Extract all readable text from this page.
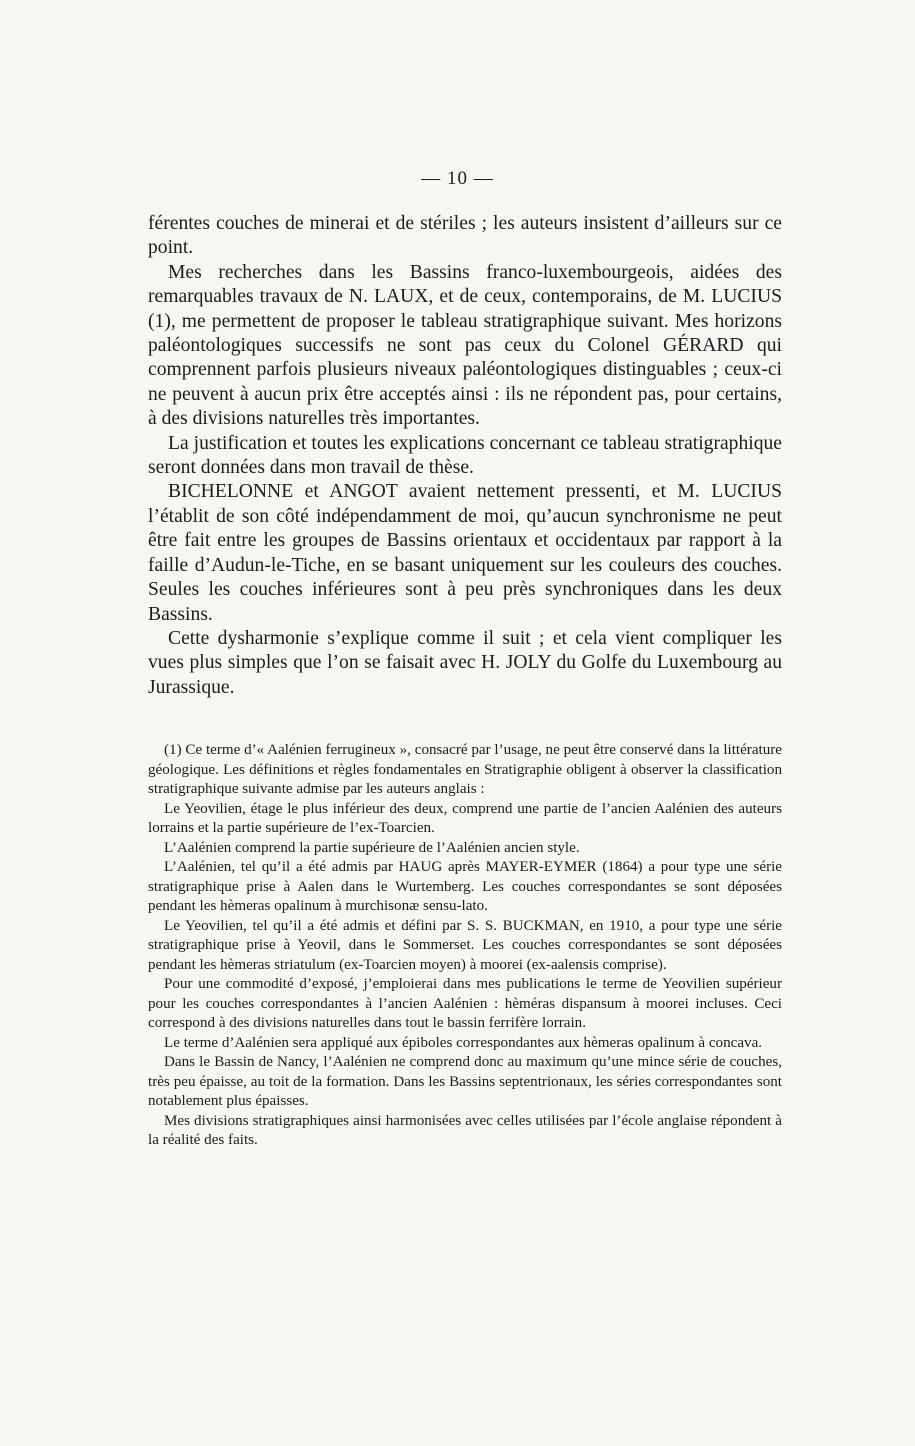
— 10 —

férentes couches de minerai et de stériles ; les auteurs insistent d’ailleurs sur ce point.

Mes recherches dans les Bassins franco-luxembourgeois, aidées des remarquables travaux de N. LAUX, et de ceux, contemporains, de M. LUCIUS (1), me permettent de proposer le tableau stratigraphique suivant. Mes horizons paléontologiques successifs ne sont pas ceux du Colonel GÉRARD qui comprennent parfois plusieurs niveaux paléontologiques distinguables ; ceux-ci ne peuvent à aucun prix être acceptés ainsi : ils ne répondent pas, pour certains, à des divisions naturelles très importantes.

La justification et toutes les explications concernant ce tableau stratigraphique seront données dans mon travail de thèse.

BICHELONNE et ANGOT avaient nettement pressenti, et M. LUCIUS l’établit de son côté indépendamment de moi, qu’aucun synchronisme ne peut être fait entre les groupes de Bassins orientaux et occidentaux par rapport à la faille d’Audun-le-Tiche, en se basant uniquement sur les couleurs des couches. Seules les couches inférieures sont à peu près synchroniques dans les deux Bassins.

Cette dysharmonie s’explique comme il suit ; et cela vient compliquer les vues plus simples que l’on se faisait avec H. JOLY du Golfe du Luxembourg au Jurassique.

(1) Ce terme d’« Aalénien ferrugineux », consacré par l’usage, ne peut être conservé dans la littérature géologique. Les définitions et règles fondamentales en Stratigraphie obligent à observer la classification stratigraphique suivante admise par les auteurs anglais :

Le Yeovilien, étage le plus inférieur des deux, comprend une partie de l’ancien Aalénien des auteurs lorrains et la partie supérieure de l’ex-Toarcien.

L’Aalénien comprend la partie supérieure de l’Aalénien ancien style.

L’Aalénien, tel qu’il a été admis par HAUG après MAYER-EYMER (1864) a pour type une série stratigraphique prise à Aalen dans le Wurtemberg. Les couches correspondantes se sont déposées pendant les hèmeras opalinum à murchisonæ sensu-lato.

Le Yeovilien, tel qu’il a été admis et défini par S. S. BUCKMAN, en 1910, a pour type une série stratigraphique prise à Yeovil, dans le Sommerset. Les couches correspondantes se sont déposées pendant les hèmeras striatulum (ex-Toarcien moyen) à moorei (ex-aalensis comprise).

Pour une commodité d’exposé, j’emploierai dans mes publications le terme de Yeovilien supérieur pour les couches correspondantes à l’ancien Aalénien : hèméras dispansum à moorei incluses. Ceci correspond à des divisions naturelles dans tout le bassin ferrifère lorrain.

Le terme d’Aalénien sera appliqué aux épiboles correspondantes aux hèmeras opalinum à concava.

Dans le Bassin de Nancy, l’Aalénien ne comprend donc au maximum qu’une mince série de couches, très peu épaisse, au toit de la formation. Dans les Bassins septentrionaux, les séries correspondantes sont notablement plus épaisses.

Mes divisions stratigraphiques ainsi harmonisées avec celles utilisées par l’école anglaise répondent à la réalité des faits.
